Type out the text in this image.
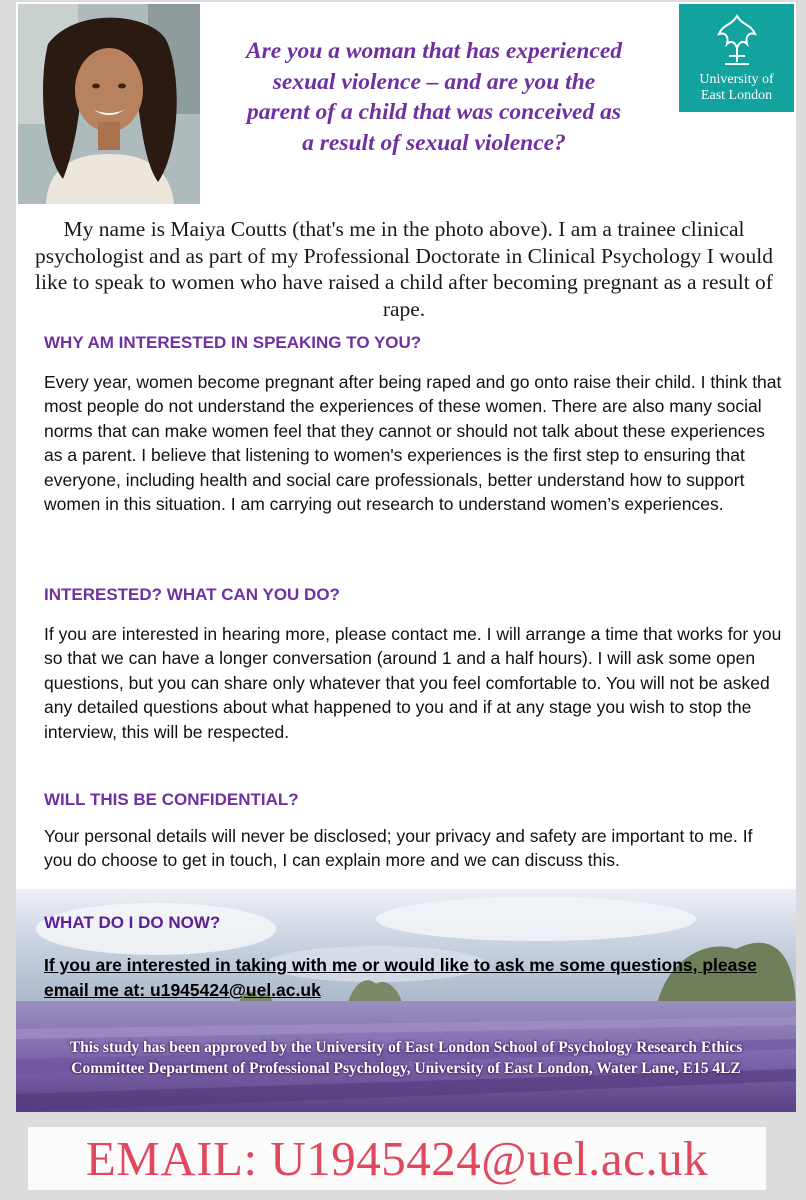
Are you a woman that has experienced sexual violence – and are you the parent of a child that was conceived as a result of sexual violence?
University of
East London
My name is Maiya Coutts (that's me in the photo above). I am a trainee clinical psychologist and as part of my Professional Doctorate in Clinical Psychology I would like to speak to women who have raised a child after becoming pregnant as a result of rape.
WHY AM INTERESTED IN SPEAKING TO YOU?
Every year, women become pregnant after being raped and go onto raise their child. I think that most people do not understand the experiences of these women. There are also many social norms that can make women feel that they cannot or should not talk about these experiences as a parent. I believe that listening to women's experiences is the first step to ensuring that everyone, including health and social care professionals, better understand how to support women in this situation. I am carrying out research to understand women’s experiences.
INTERESTED? WHAT CAN YOU DO?
If you are interested in hearing more, please contact me. I will arrange a time that works for you so that we can have a longer conversation (around 1 and a half hours). I will ask some open questions, but you can share only whatever that you feel comfortable to. You will not be asked any detailed questions about what happened to you and if at any stage you wish to stop the interview, this will be respected.
WILL THIS BE CONFIDENTIAL?
Your personal details will never be disclosed; your privacy and safety are important to me. If you do choose to get in touch, I can explain more and we can discuss this.
WHAT DO I DO NOW?
If you are interested in taking with me or would like to ask me some questions, please email me at: u1945424@uel.ac.uk
This study has been approved by the University of East London School of Psychology Research Ethics Committee Department of Professional Psychology, University of East London, Water Lane, E15 4LZ
EMAIL: U1945424@uel.ac.uk
